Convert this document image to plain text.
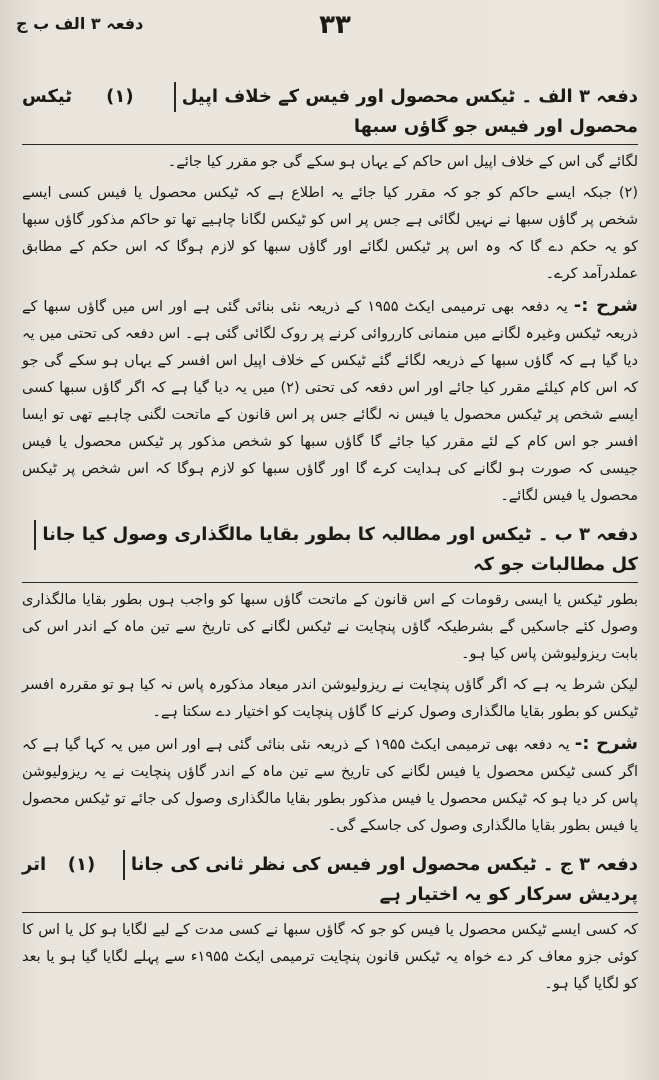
دفعہ ۳ الف ب ج	۳۳
دفعہ ۳ الف ۔ ٹیکس محصول اور فیس کے خلاف اپیل (۱) ٹیکس محصول اور فیس جو گاؤں سبھا

لگائے گی اس کے خلاف اپیل اس حاکم کے یہاں ہو سکے گی جو مقرر کیا جائے۔

(۲) جبکہ ایسے حاکم کو جو کہ مقرر کیا جائے یہ اطلاع ہے کہ ٹیکس محصول یا فیس کسی ایسے شخص پر گاؤں سبھا نے نہیں لگائی ہے جس پر اس کو ٹیکس لگانا چاہیے تھا تو حاکم مذکور گاؤں سبھا کو یہ حکم دے گا کہ وہ اس پر ٹیکس لگائے اور گاؤں سبھا کو لازم ہوگا کہ اس حکم کے مطابق عملدرآمد کرے۔

شرح :- یہ دفعہ بھی ترمیمی ایکٹ ۱۹۵۵ کے ذریعہ نئی بنائی گئی ہے اور اس میں گاؤں سبھا کے ذریعہ ٹیکس وغیرہ لگانے میں منمانی کارروائی کرنے پر روک لگائی گئی ہے۔ اس دفعہ کی تحتی میں یہ دیا گیا ہے کہ گاؤں سبھا کے ذریعہ لگائے گئے ٹیکس کے خلاف اپیل اس افسر کے یہاں ہو سکے گی جو کہ اس کام کیلئے مقرر کیا جائے اور اس دفعہ کی تحتی (۲) میں یہ دیا گیا ہے کہ اگر گاؤں سبھا کسی ایسے شخص پر ٹیکس محصول یا فیس نہ لگائے جس پر اس قانون کے ماتحت لگنی چاہیے تھی تو ایسا افسر جو اس کام کے لئے مقرر کیا جائے گا گاؤں سبھا کو شخص مذکور پر ٹیکس محصول یا فیس جیسی کہ صورت ہو لگانے کی ہدایت کرے گا اور گاؤں سبھا کو لازم ہوگا کہ اس شخص پر ٹیکس محصول یا فیس لگائے۔

دفعہ ۳ ب ۔ ٹیکس اور مطالبہ کا بطور بقایا مالگذاری وصول کیا جانا کل مطالبات جو کہ

بطور ٹیکس یا ایسی رقومات کے اس قانون کے ماتحت گاؤں سبھا کو واجب ہوں بطور بقایا مالگذاری وصول کئے جاسکیں گے بشرطیکہ گاؤں پنچایت نے ٹیکس لگانے کی تاریخ سے تین ماہ کے اندر اس کی بابت ریزولیوشن پاس کیا ہو۔

لیکن شرط یہ ہے کہ اگر گاؤں پنچایت نے ریزولیوشن اندر میعاد مذکورہ پاس نہ کیا ہو تو مقررہ افسر ٹیکس کو بطور بقایا مالگذاری وصول کرنے کا گاؤں پنچایت کو اختیار دے سکتا ہے۔

شرح :- یہ دفعہ بھی ترمیمی ایکٹ ۱۹۵۵ کے ذریعہ نئی بنائی گئی ہے اور اس میں یہ کہا گیا ہے کہ اگر کسی ٹیکس محصول یا فیس لگانے کی تاریخ سے تین ماہ کے اندر گاؤں پنچایت نے یہ ریزولیوشن پاس کر دیا ہو کہ ٹیکس محصول یا فیس مذکور بطور بقایا مالگذاری وصول کی جائے تو ٹیکس محصول یا فیس بطور بقایا مالگذاری وصول کی جاسکے گی۔

دفعہ ۳ ج ۔ ٹیکس محصول اور فیس کی نظر ثانی کی جانا (۱) اتر پردیش سرکار کو یہ اختیار ہے

کہ کسی ایسے ٹیکس محصول یا فیس کو جو کہ گاؤں سبھا نے کسی مدت کے لیے لگایا ہو کل یا اس کا کوئی جزو معاف کر دے خواہ یہ ٹیکس قانون پنچایت ترمیمی ایکٹ ۱۹۵۵ء سے پہلے لگایا گیا ہو یا بعد کو لگایا گیا ہو۔
